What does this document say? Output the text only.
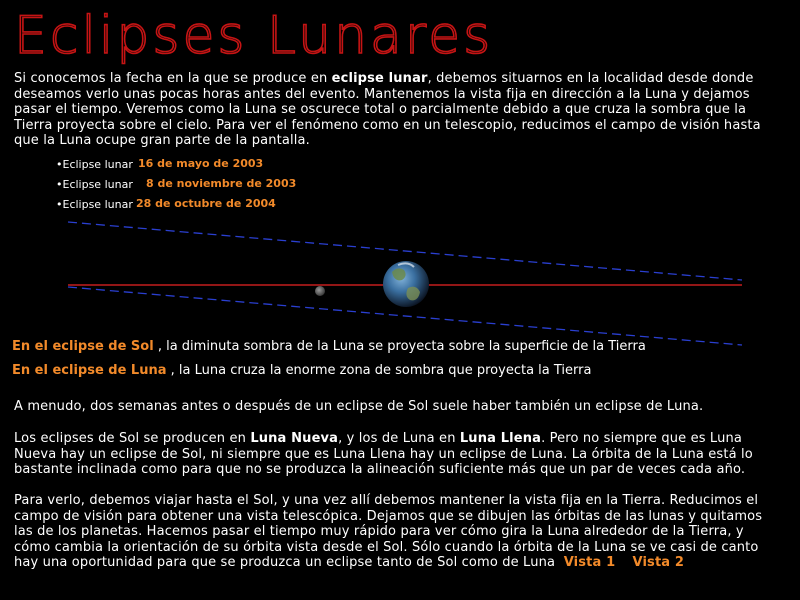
Eclipses Lunares

Si conocemos la fecha en la que se produce en eclipse lunar, debemos situarnos en la localidad desde donde deseamos verlo unas pocas horas antes del evento. Mantenemos la vista fija en dirección a la Luna y dejamos pasar el tiempo. Veremos como la Luna se oscurece total o parcialmente debido a que cruza la sombra que la Tierra proyecta sobre el cielo. Para ver el fenómeno como en un telescopio, reducimos el campo de visión hasta que la Luna ocupe gran parte de la pantalla.

•Eclipse lunar 16 de mayo de 2003
•Eclipse lunar 8 de noviembre de 2003
•Eclipse lunar 28 de octubre de 2004
En el eclipse de Sol , la diminuta sombra de la Luna se proyecta sobre la superficie de la Tierra
En el eclipse de Luna , la Luna cruza la enorme zona de sombra que proyecta la Tierra

A menudo, dos semanas antes o después de un eclipse de Sol suele haber también un eclipse de Luna.

Los eclipses de Sol se producen en Luna Nueva, y los de Luna en Luna Llena. Pero no siempre que es Luna Nueva hay un eclipse de Sol, ni siempre que es Luna Llena hay un eclipse de Luna. La órbita de la Luna está lo bastante inclinada como para que no se produzca la alineación suficiente más que un par de veces cada año.

Para verlo, debemos viajar hasta el Sol, y una vez allí debemos mantener la vista fija en la Tierra. Reducimos el campo de visión para obtener una vista telescópica. Dejamos que se dibujen las órbitas de las lunas y quitamos las de los planetas. Hacemos pasar el tiempo muy rápido para ver cómo gira la Luna alrededor de la Tierra, y cómo cambia la orientación de su órbita vista desde el Sol. Sólo cuando la órbita de la Luna se ve casi de canto hay una oportunidad para que se produzca un eclipse tanto de Sol como de Luna Vista 1 Vista 2
